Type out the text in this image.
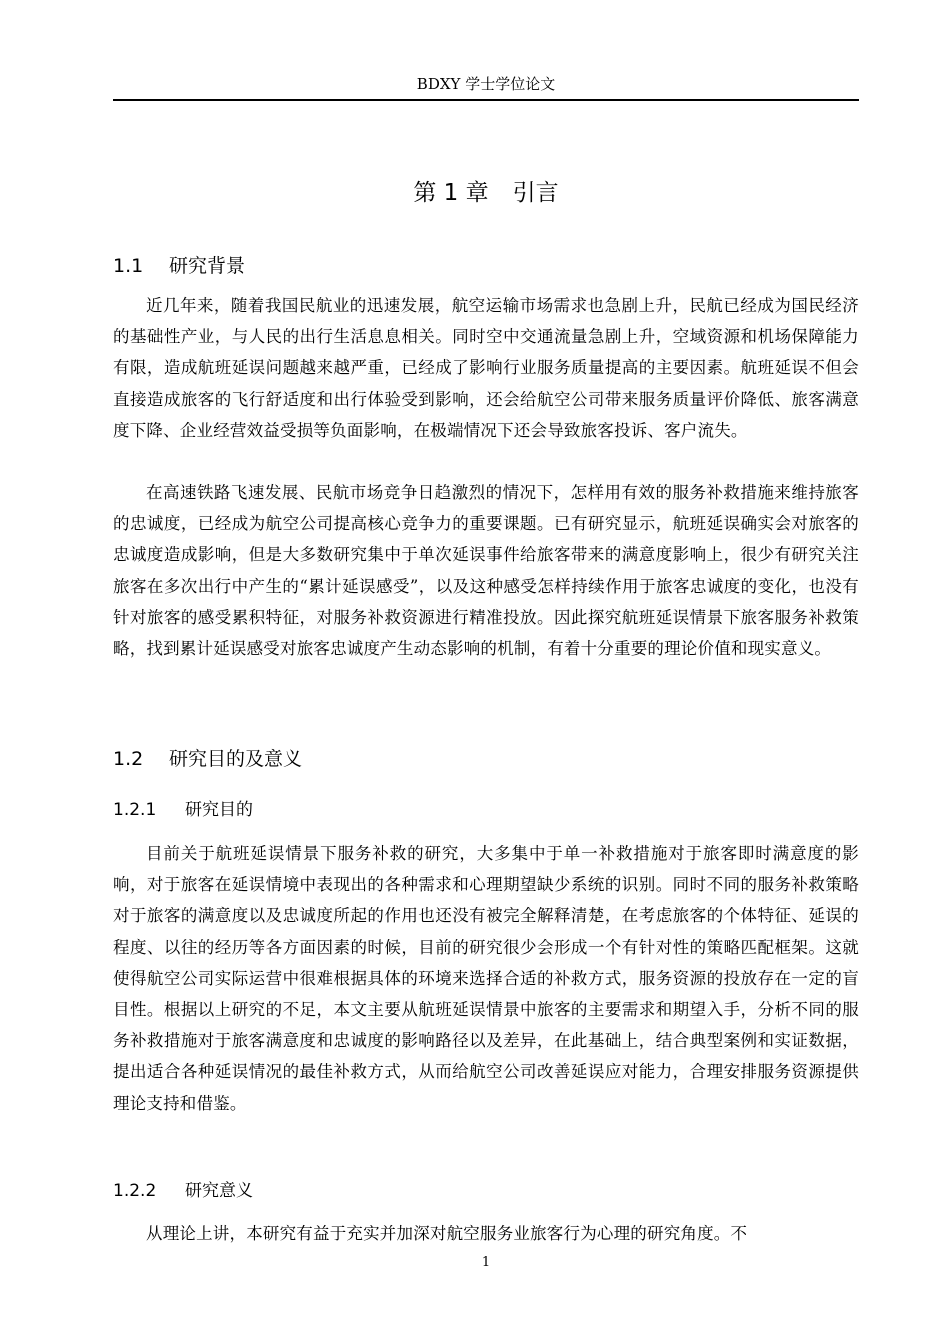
BDXY 学士学位论文
第 1 章 引言
1.1 研究背景

近几年来，随着我国民航业的迅速发展，航空运输市场需求也急剧上升，民航已经成为国民经济的基础性产业，与人民的出行生活息息相关。同时空中交通流量急剧上升，空域资源和机场保障能力有限，造成航班延误问题越来越严重，已经成了影响行业服务质量提高的主要因素。航班延误不但会直接造成旅客的飞行舒适度和出行体验受到影响，还会给航空公司带来服务质量评价降低、旅客满意度下降、企业经营效益受损等负面影响，在极端情况下还会导致旅客投诉、客户流失。

在高速铁路飞速发展、民航市场竞争日趋激烈的情况下，怎样用有效的服务补救措施来维持旅客的忠诚度，已经成为航空公司提高核心竞争力的重要课题。已有研究显示，航班延误确实会对旅客的忠诚度造成影响，但是大多数研究集中于单次延误事件给旅客带来的满意度影响上，很少有研究关注旅客在多次出行中产生的“累计延误感受”，以及这种感受怎样持续作用于旅客忠诚度的变化，也没有针对旅客的感受累积特征，对服务补救资源进行精准投放。因此探究航班延误情景下旅客服务补救策略，找到累计延误感受对旅客忠诚度产生动态影响的机制，有着十分重要的理论价值和现实意义。

1.2 研究目的及意义
1.2.1 研究目的

目前关于航班延误情景下服务补救的研究，大多集中于单一补救措施对于旅客即时满意度的影响，对于旅客在延误情境中表现出的各种需求和心理期望缺少系统的识别。同时不同的服务补救策略对于旅客的满意度以及忠诚度所起的作用也还没有被完全解释清楚，在考虑旅客的个体特征、延误的程度、以往的经历等各方面因素的时候，目前的研究很少会形成一个有针对性的策略匹配框架。这就使得航空公司实际运营中很难根据具体的环境来选择合适的补救方式，服务资源的投放存在一定的盲目性。根据以上研究的不足，本文主要从航班延误情景中旅客的主要需求和期望入手，分析不同的服务补救措施对于旅客满意度和忠诚度的影响路径以及差异，在此基础上，结合典型案例和实证数据，提出适合各种延误情况的最佳补救方式，从而给航空公司改善延误应对能力，合理安排服务资源提供理论支持和借鉴。

1.2.2 研究意义

从理论上讲，本研究有益于充实并加深对航空服务业旅客行为心理的研究角度。不

1
